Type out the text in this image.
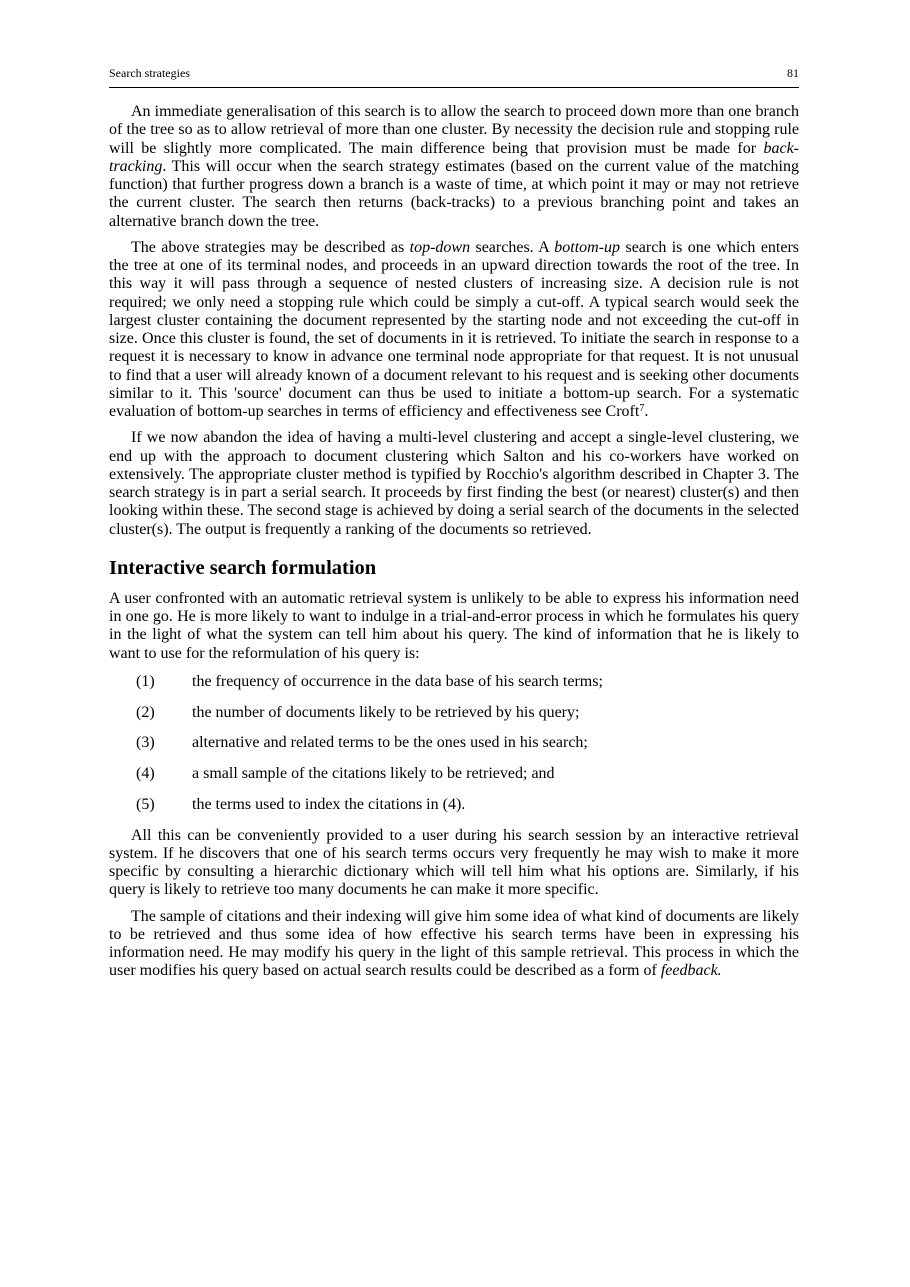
Search strategies	81

An immediate generalisation of this search is to allow the search to proceed down more than one branch of the tree so as to allow retrieval of more than one cluster. By necessity the decision rule and stopping rule will be slightly more complicated. The main difference being that provision must be made for back-tracking. This will occur when the search strategy estimates (based on the current value of the matching function) that further progress down a branch is a waste of time, at which point it may or may not retrieve the current cluster. The search then returns (back-tracks) to a previous branching point and takes an alternative branch down the tree.

The above strategies may be described as top-down searches. A bottom-up search is one which enters the tree at one of its terminal nodes, and proceeds in an upward direction towards the root of the tree. In this way it will pass through a sequence of nested clusters of increasing size. A decision rule is not required; we only need a stopping rule which could be simply a cut-off. A typical search would seek the largest cluster containing the document represented by the starting node and not exceeding the cut-off in size. Once this cluster is found, the set of documents in it is retrieved. To initiate the search in response to a request it is necessary to know in advance one terminal node appropriate for that request. It is not unusual to find that a user will already known of a document relevant to his request and is seeking other documents similar to it. This 'source' document can thus be used to initiate a bottom-up search. For a systematic evaluation of bottom-up searches in terms of efficiency and effectiveness see Croft$^7$.

If we now abandon the idea of having a multi-level clustering and accept a single-level clustering, we end up with the approach to document clustering which Salton and his co-workers have worked on extensively. The appropriate cluster method is typified by Rocchio's algorithm described in Chapter 3. The search strategy is in part a serial search. It proceeds by first finding the best (or nearest) cluster(s) and then looking within these. The second stage is achieved by doing a serial search of the documents in the selected cluster(s). The output is frequently a ranking of the documents so retrieved.

Interactive search formulation

A user confronted with an automatic retrieval system is unlikely to be able to express his information need in one go. He is more likely to want to indulge in a trial-and-error process in which he formulates his query in the light of what the system can tell him about his query. The kind of information that he is likely to want to use for the reformulation of his query is:

(1)	the frequency of occurrence in the data base of his search terms;
(2)	the number of documents likely to be retrieved by his query;
(3)	alternative and related terms to be the ones used in his search;
(4)	a small sample of the citations likely to be retrieved; and
(5)	the terms used to index the citations in (4).

All this can be conveniently provided to a user during his search session by an interactive retrieval system. If he discovers that one of his search terms occurs very frequently he may wish to make it more specific by consulting a hierarchic dictionary which will tell him what his options are. Similarly, if his query is likely to retrieve too many documents he can make it more specific.

The sample of citations and their indexing will give him some idea of what kind of documents are likely to be retrieved and thus some idea of how effective his search terms have been in expressing his information need. He may modify his query in the light of this sample retrieval. This process in which the user modifies his query based on actual search results could be described as a form of feedback.
